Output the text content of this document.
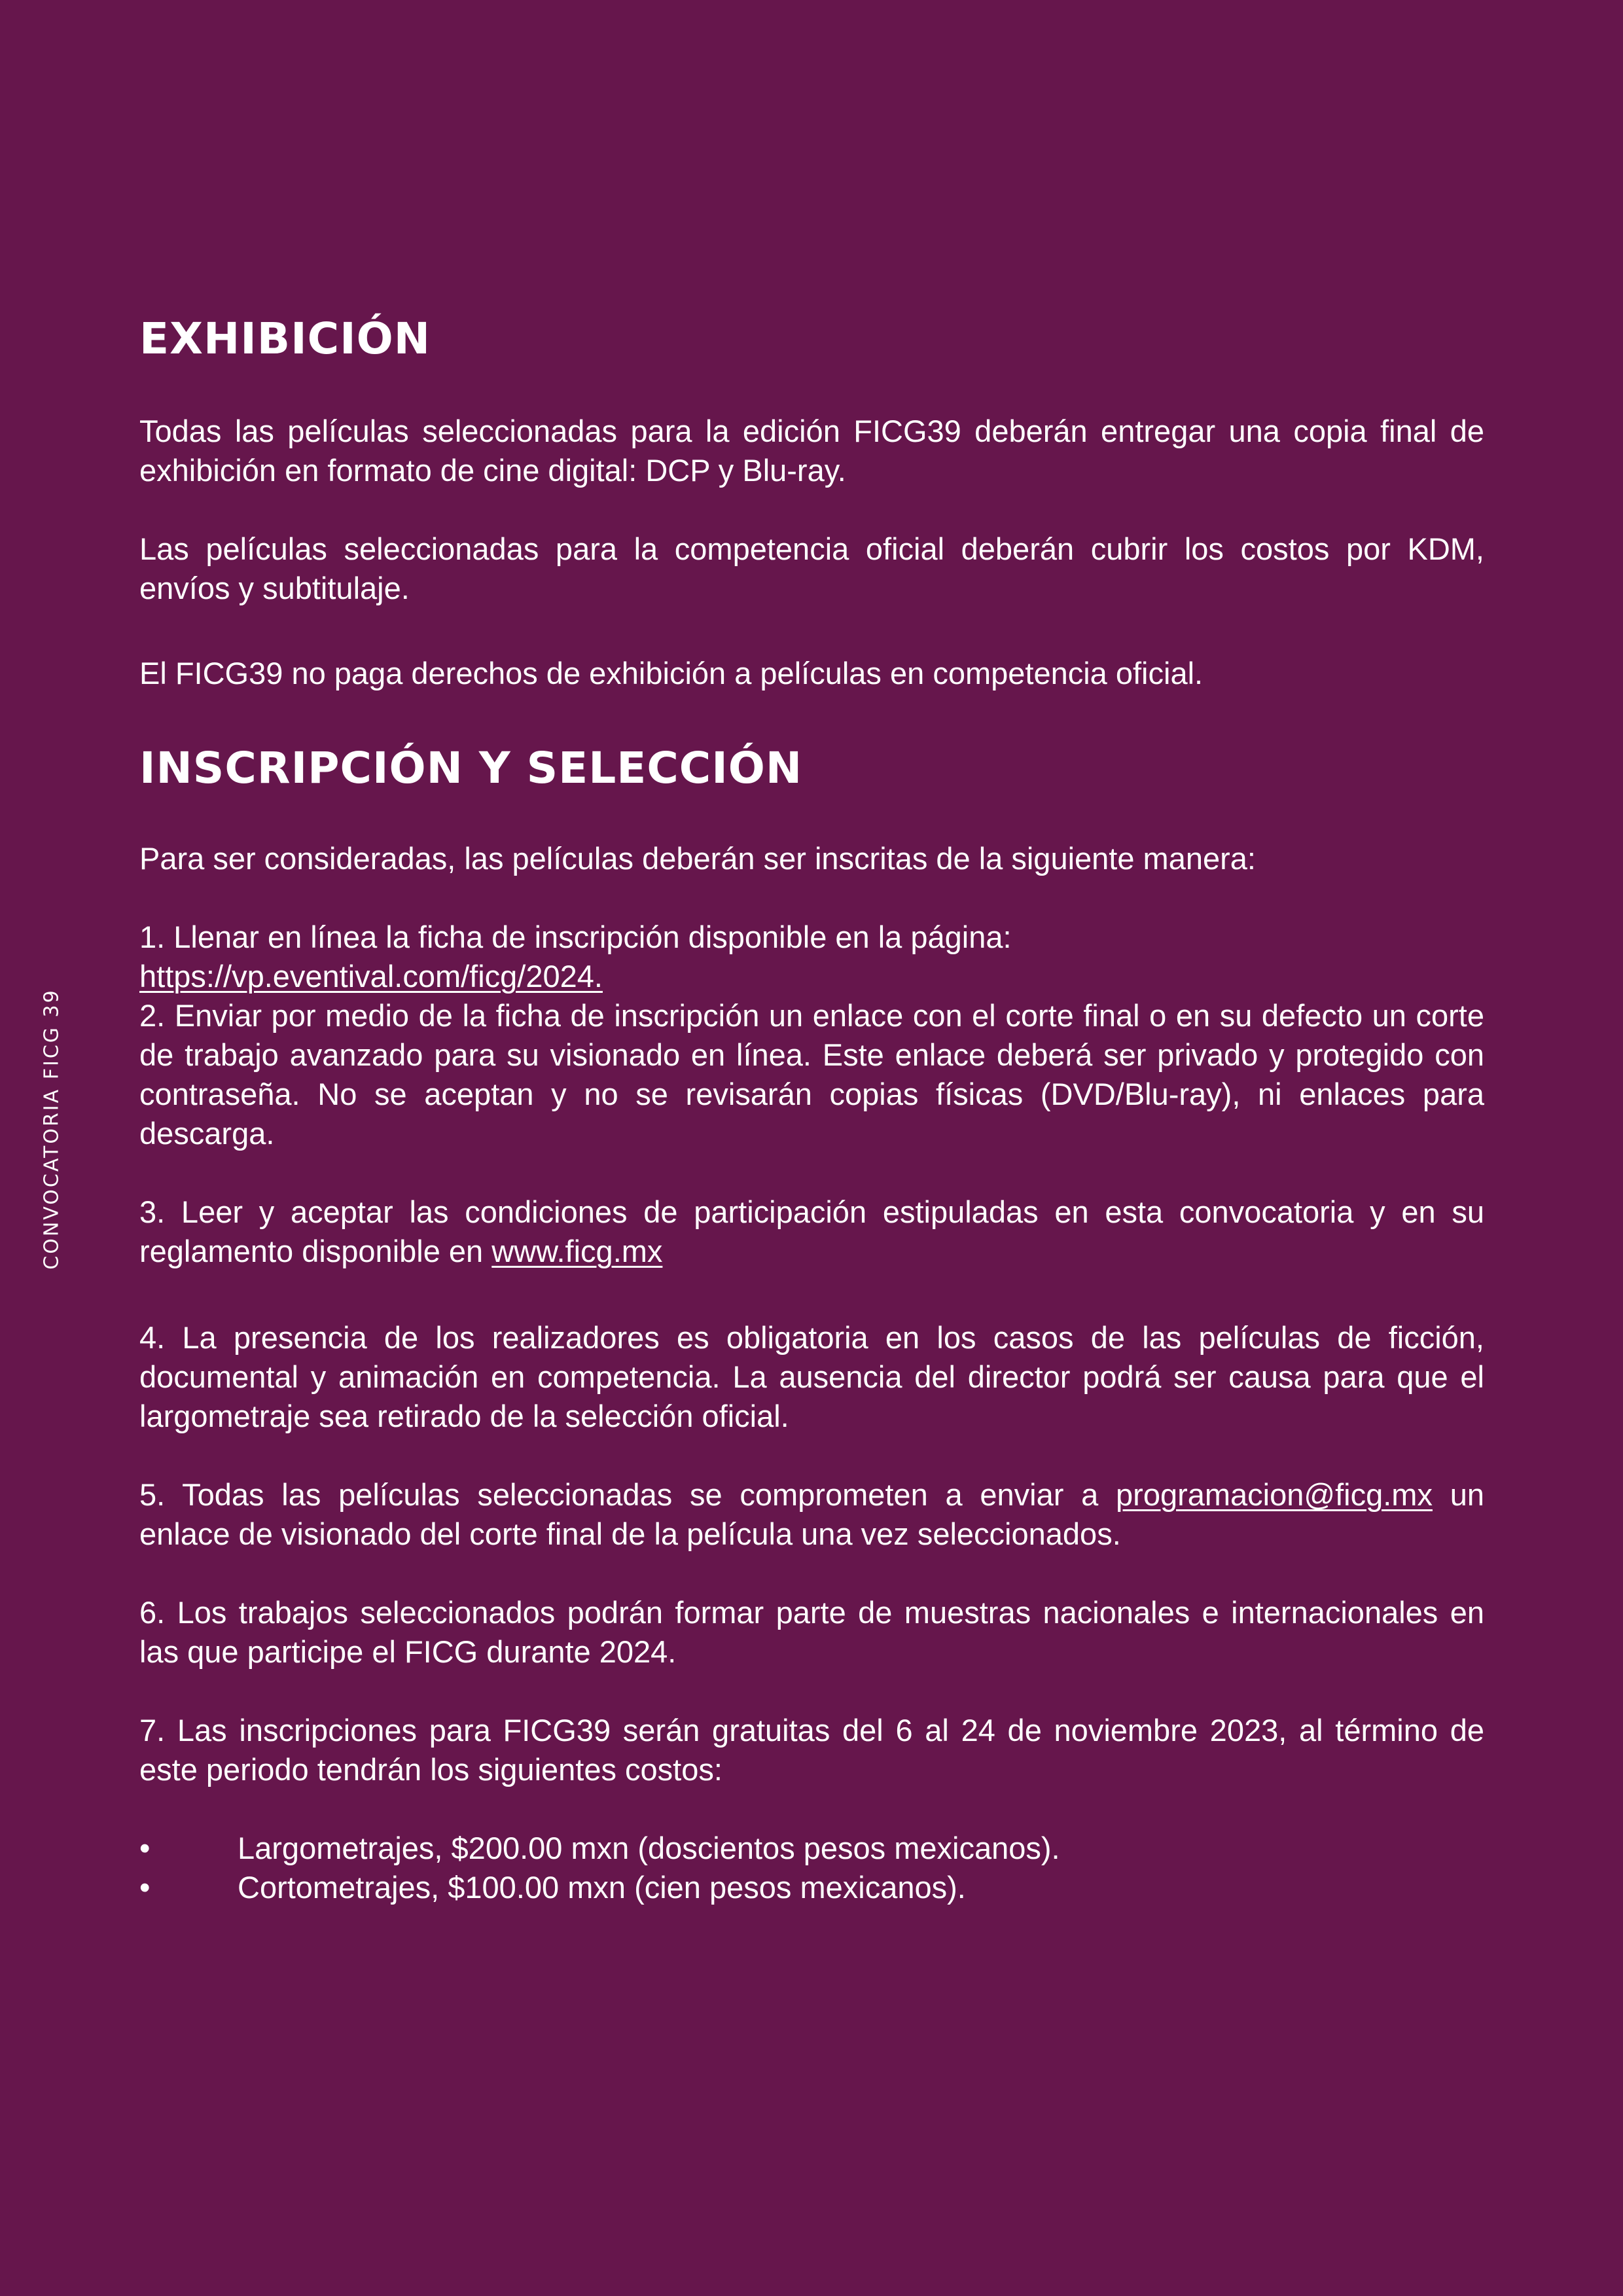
CONVOCATORIA FICG 39
EXHIBICIÓN

Todas las películas seleccionadas para la edición FICG39 deberán entregar una copia final de exhibición en formato de cine digital: DCP y Blu-ray.

Las películas seleccionadas para la competencia oficial deberán cubrir los costos por KDM, envíos y subtitulaje.

El FICG39 no paga derechos de exhibición a películas en competencia oficial.

INSCRIPCIÓN Y SELECCIÓN

Para ser consideradas, las películas deberán ser inscritas de la siguiente manera:

1. Llenar en línea la ficha de inscripción disponible en la página:
https://vp.eventival.com/ficg/2024.

2. Enviar por medio de la ficha de inscripción un enlace con el corte final o en su defecto un corte de trabajo avanzado para su visionado en línea. Este enlace deberá ser privado y protegido con contraseña. No se aceptan y no se revisarán copias físicas (DVD/Blu-ray), ni enlaces para descarga.

3. Leer y aceptar las condiciones de participación estipuladas en esta convocatoria y en su reglamento disponible en www.ficg.mx

4. La presencia de los realizadores es obligatoria en los casos de las películas de ficción, documental y animación en competencia. La ausencia del director podrá ser causa para que el largometraje sea retirado de la selección oficial.

5. Todas las películas seleccionadas se comprometen a enviar a programacion@ficg.mx un enlace de visionado del corte final de la película una vez seleccionados.

6. Los trabajos seleccionados podrán formar parte de muestras nacionales e internacionales en las que participe el FICG durante 2024.

7. Las inscripciones para FICG39 serán gratuitas del 6 al 24 de noviembre 2023, al término de este periodo tendrán los siguientes costos:

•	Largometrajes, $200.00 mxn (doscientos pesos mexicanos).
•	Cortometrajes, $100.00 mxn (cien pesos mexicanos).
